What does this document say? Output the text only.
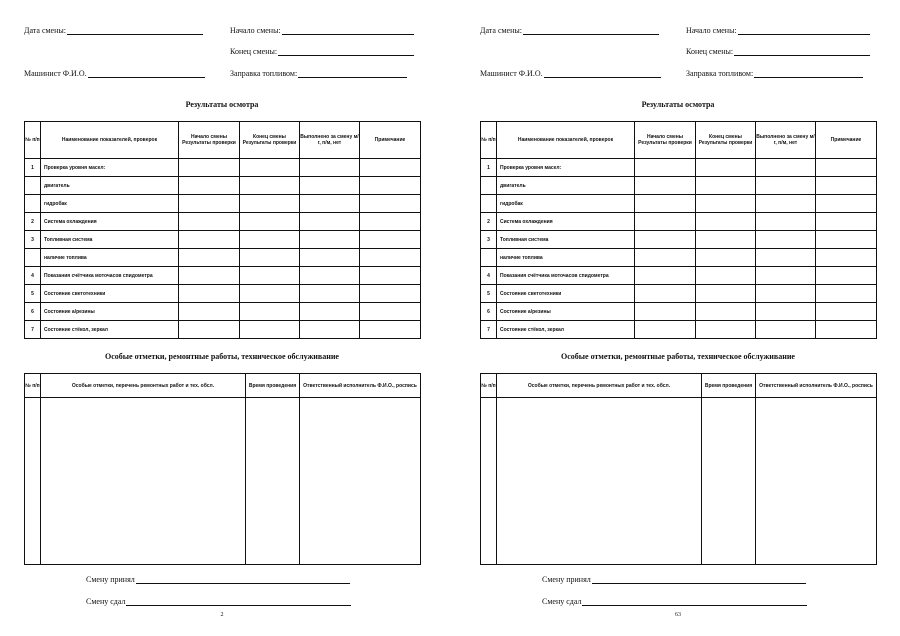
Дата смены:	Начало смены:
Конец смены:
Машинист Ф.И.О.	Заправка топливом:
Результаты осмотра
№ п/п	Наименование показателей, проверок	Начало смены Результаты проверки	Конец смены Результаты проверки	Выполнено за смену м/г, п/м, нет	Примечание
1	Проверка уровня масел:				
	двигатель				
	гидробак				
2	Система охлаждения				
3	Топливная система				
	наличие топлива				
4	Показания счётчика моточасов спидометра				
5	Состояние светотехники				
6	Состояние а/резины				
7	Состояние стёкол, зеркал				
Особые отметки, ремонтные работы, техническое обслуживание
№ п/п	Особые отметки, перечень ремонтных работ и тех. обсл.	Время проведения	Ответственный исполнитель Ф.И.О., роспись

Смену принял
Смену сдал
2
Дата смены:	Начало смены:
Конец смены:
Машинист Ф.И.О.	Заправка топливом:
Результаты осмотра
№ п/п	Наименование показателей, проверок	Начало смены Результаты проверки	Конец смены Результаты проверки	Выполнено за смену м/г, п/м, нет	Примечание
1	Проверка уровня масел:				
	двигатель				
	гидробак				
2	Система охлаждения				
3	Топливная система				
	наличие топлива				
4	Показания счётчика моточасов спидометра				
5	Состояние светотехники				
6	Состояние а/резины				
7	Состояние стёкол, зеркал				
Особые отметки, ремонтные работы, техническое обслуживание
№ п/п	Особые отметки, перечень ремонтных работ и тех. обсл.	Время проведения	Ответственный исполнитель Ф.И.О., роспись

Смену принял
Смену сдал
63
